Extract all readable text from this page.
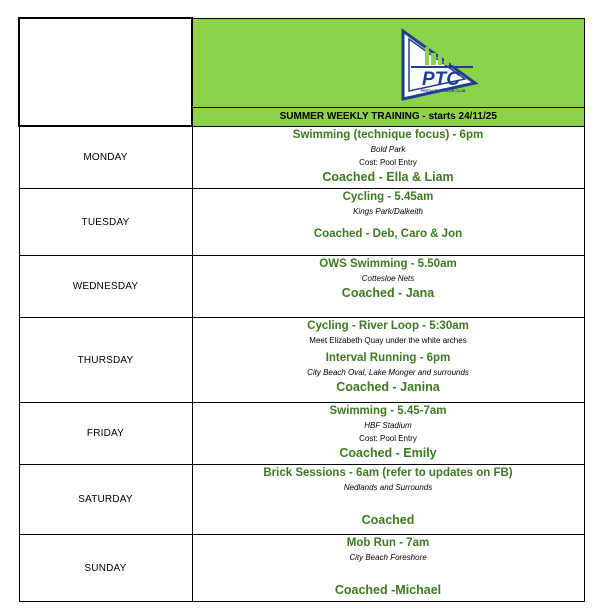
PTC
PERTH TRIATHLON CLUB
SUMMER WEEKLY TRAINING - starts 24/11/25

MONDAY	Swimming (technique focus) - 6pm
Bold Park
Cost: Pool Entry
Coached - Ella & Liam

TUESDAY	Cycling - 5.45am
Kings Park/Dalkeith
Coached - Deb, Caro & Jon

WEDNESDAY	OWS Swimming - 5.50am
Cottesloe Nets
Coached - Jana

THURSDAY	Cycling - River Loop - 5:30am
Meet Elizabeth Quay under the white arches
Interval Running - 6pm
City Beach Oval, Lake Monger and surrounds
Coached - Janina

FRIDAY	Swimming - 5.45-7am
HBF Stadium
Cost: Pool Entry
Coached - Emily

SATURDAY	Brick Sessions - 6am (refer to updates on FB)
Nedlands and Surrounds
Coached

SUNDAY	Mob Run - 7am
City Beach Foreshore
Coached -Michael
